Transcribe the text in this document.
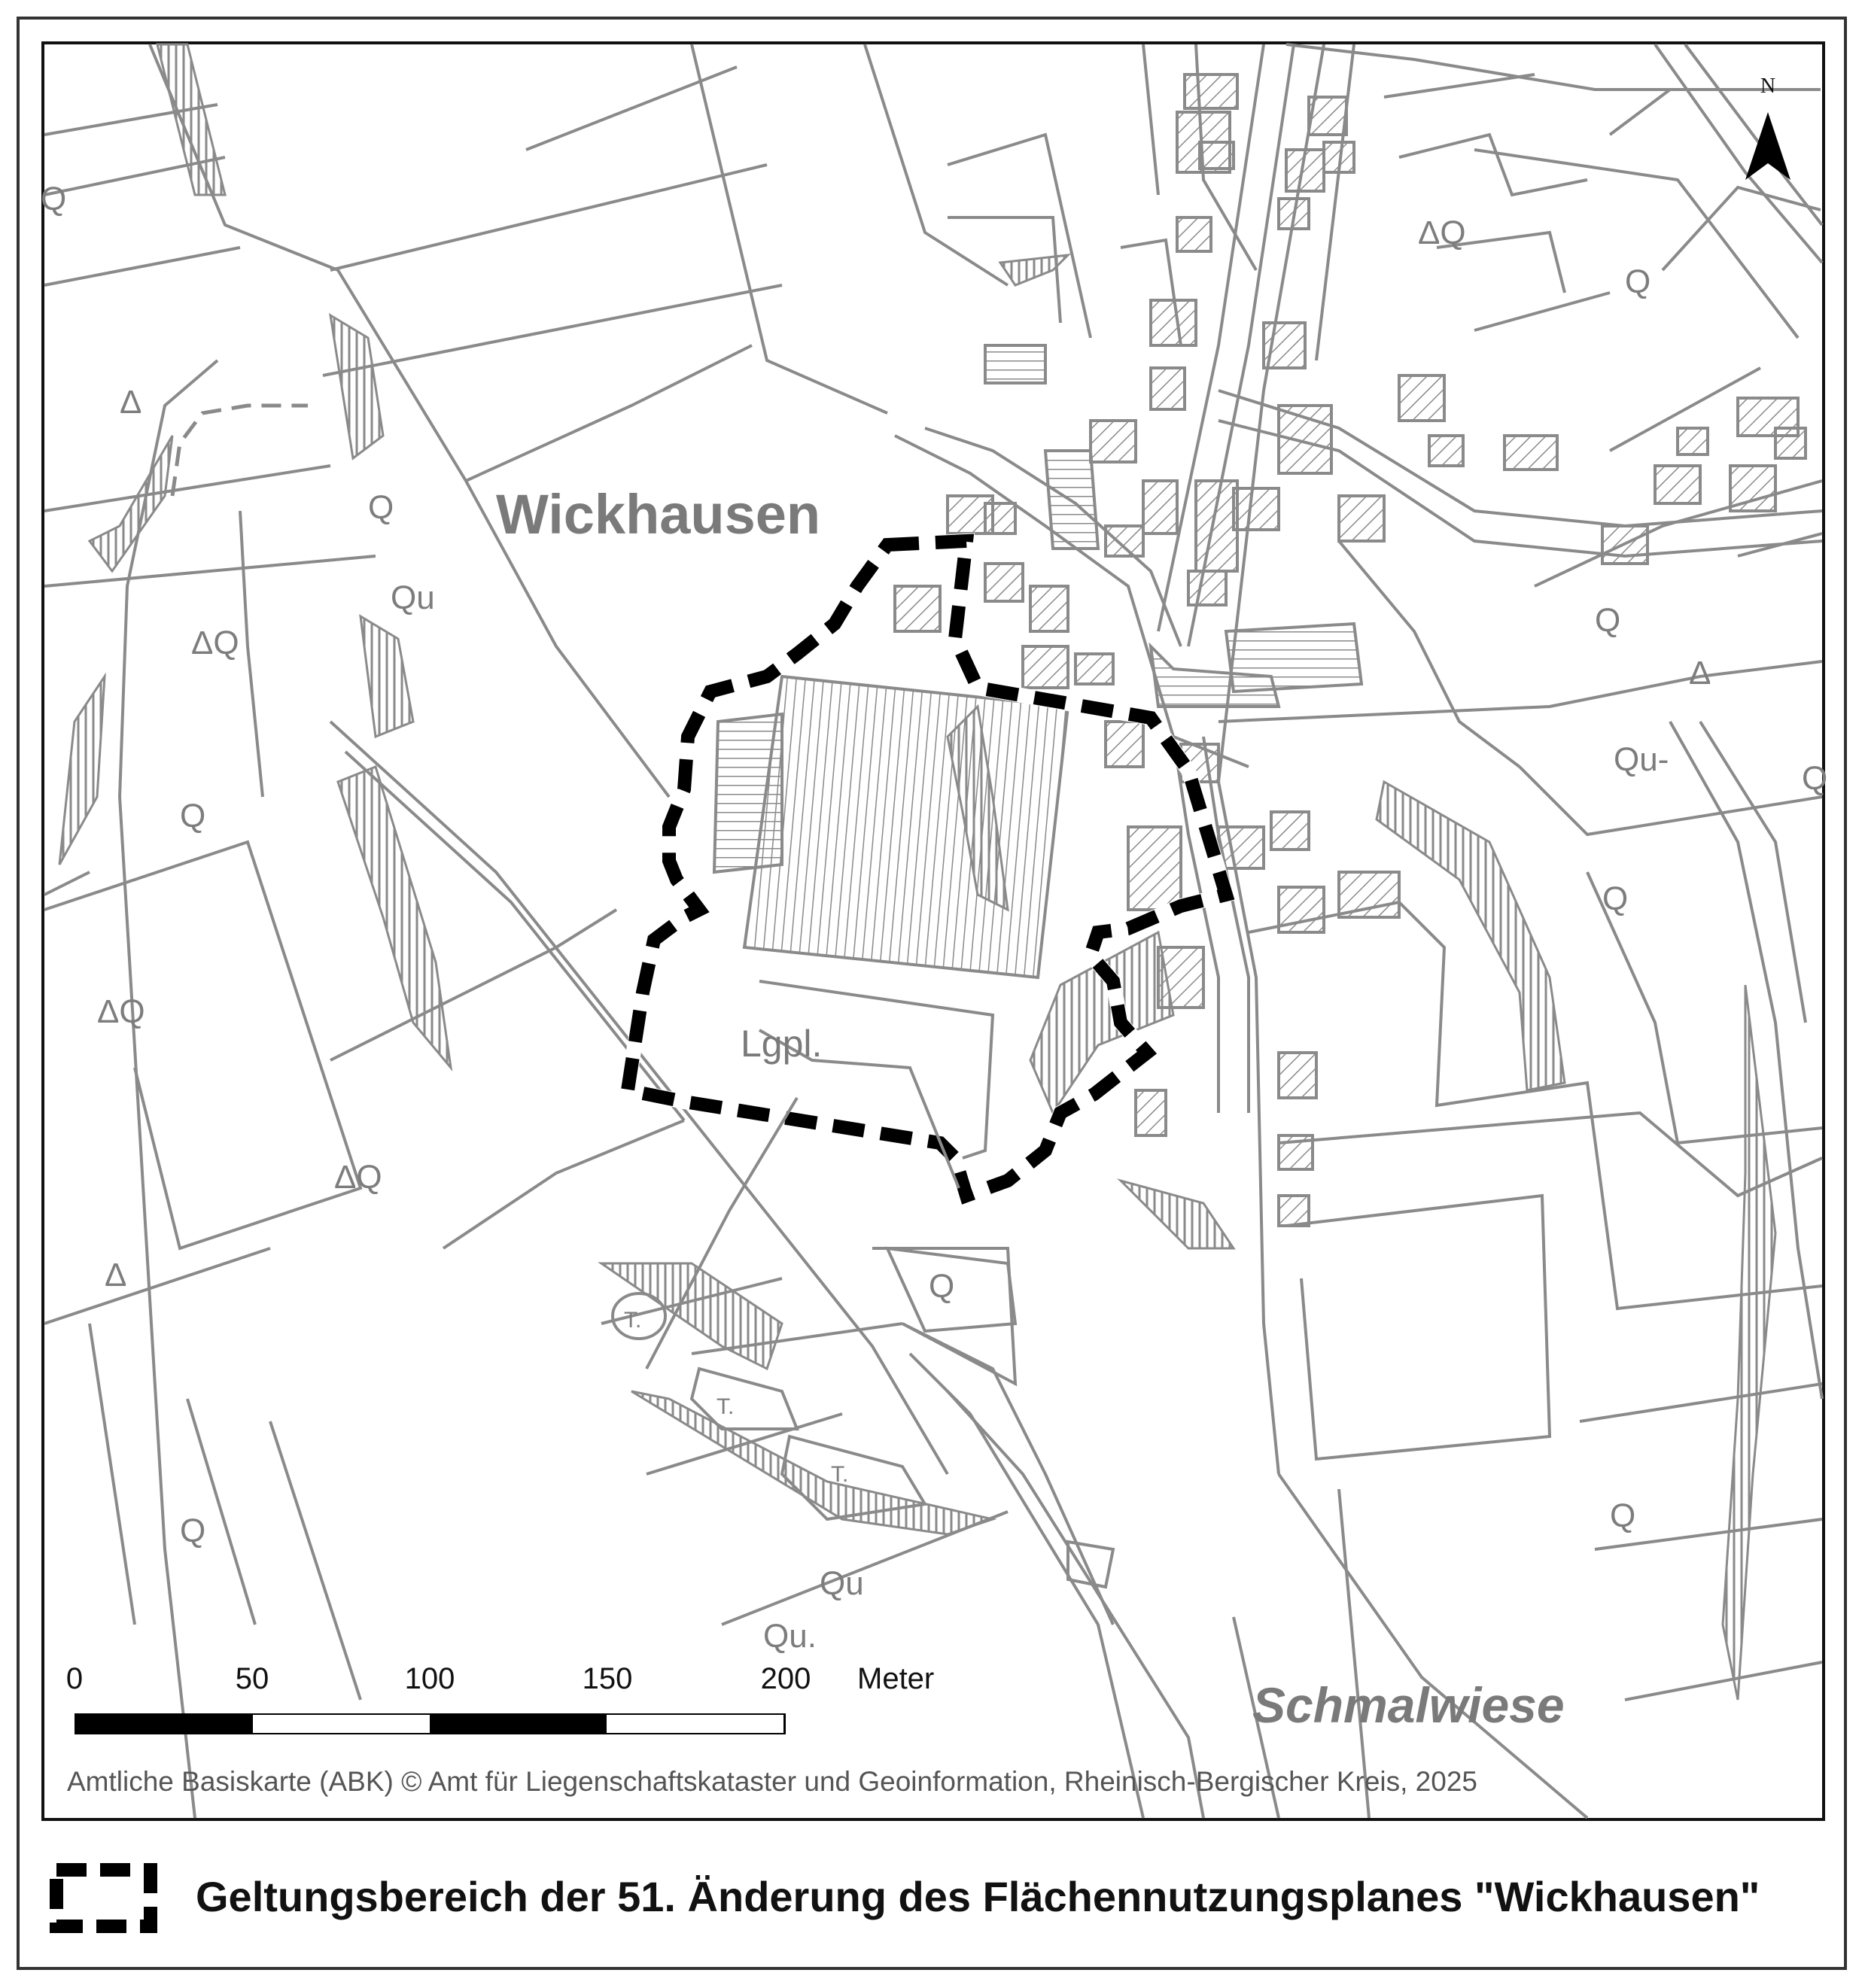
Q
Q
Qu
ΔQ
Q
ΔQ
ΔQ
Δ
Δ
Q
T.
T.
T.
Q
Qu
Qu.
ΔQ
Q
Q
Δ
Qu-
Q
Q
Q
Wickhausen
Schmalwiese
Lgpl.
N
0	50	100	150	200 Meter
Amtliche Basiskarte (ABK) © Amt für Liegenschaftskataster und Geoinformation, Rheinisch-Bergischer Kreis, 2025
Geltungsbereich der 51. Änderung des Flächennutzungsplanes "Wickhausen"
